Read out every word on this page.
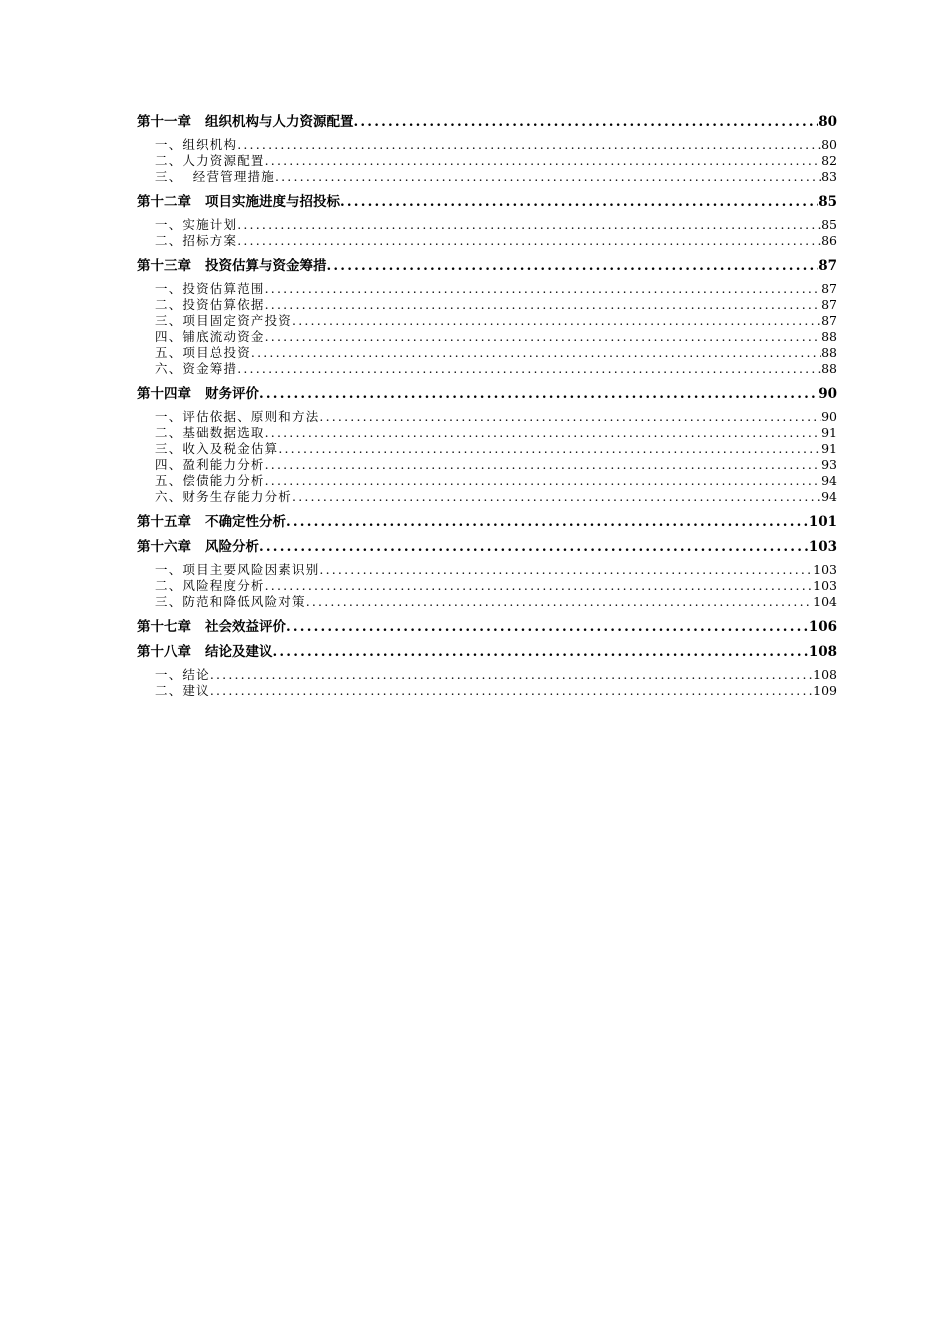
第十一章 组织机构与人力资源配置 .....	80
一、组织机构 .....	80
二、人力资源配置 .....	82
三、  经营管理措施 .....	83
第十二章 项目实施进度与招投标 .....	85
一、实施计划 .....	85
二、招标方案 .....	86
第十三章 投资估算与资金筹措 .....	87
一、投资估算范围 .....	87
二、投资估算依据 .....	87
三、项目固定资产投资 .....	87
四、铺底流动资金 .....	88
五、项目总投资 .....	88
六、资金筹措 .....	88
第十四章 财务评价 .....	90
一、评估依据、原则和方法 .....	90
二、基础数据选取 .....	91
三、收入及税金估算 .....	91
四、盈利能力分析 .....	93
五、偿债能力分析 .....	94
六、财务生存能力分析 .....	94
第十五章 不确定性分析 .....	101
第十六章 风险分析 .....	103
一、项目主要风险因素识别 .....	103
二、风险程度分析 .....	103
三、防范和降低风险对策 .....	104
第十七章 社会效益评价 .....	106
第十八章 结论及建议 .....	108
一、结论 .....	108
二、建议 .....	109
